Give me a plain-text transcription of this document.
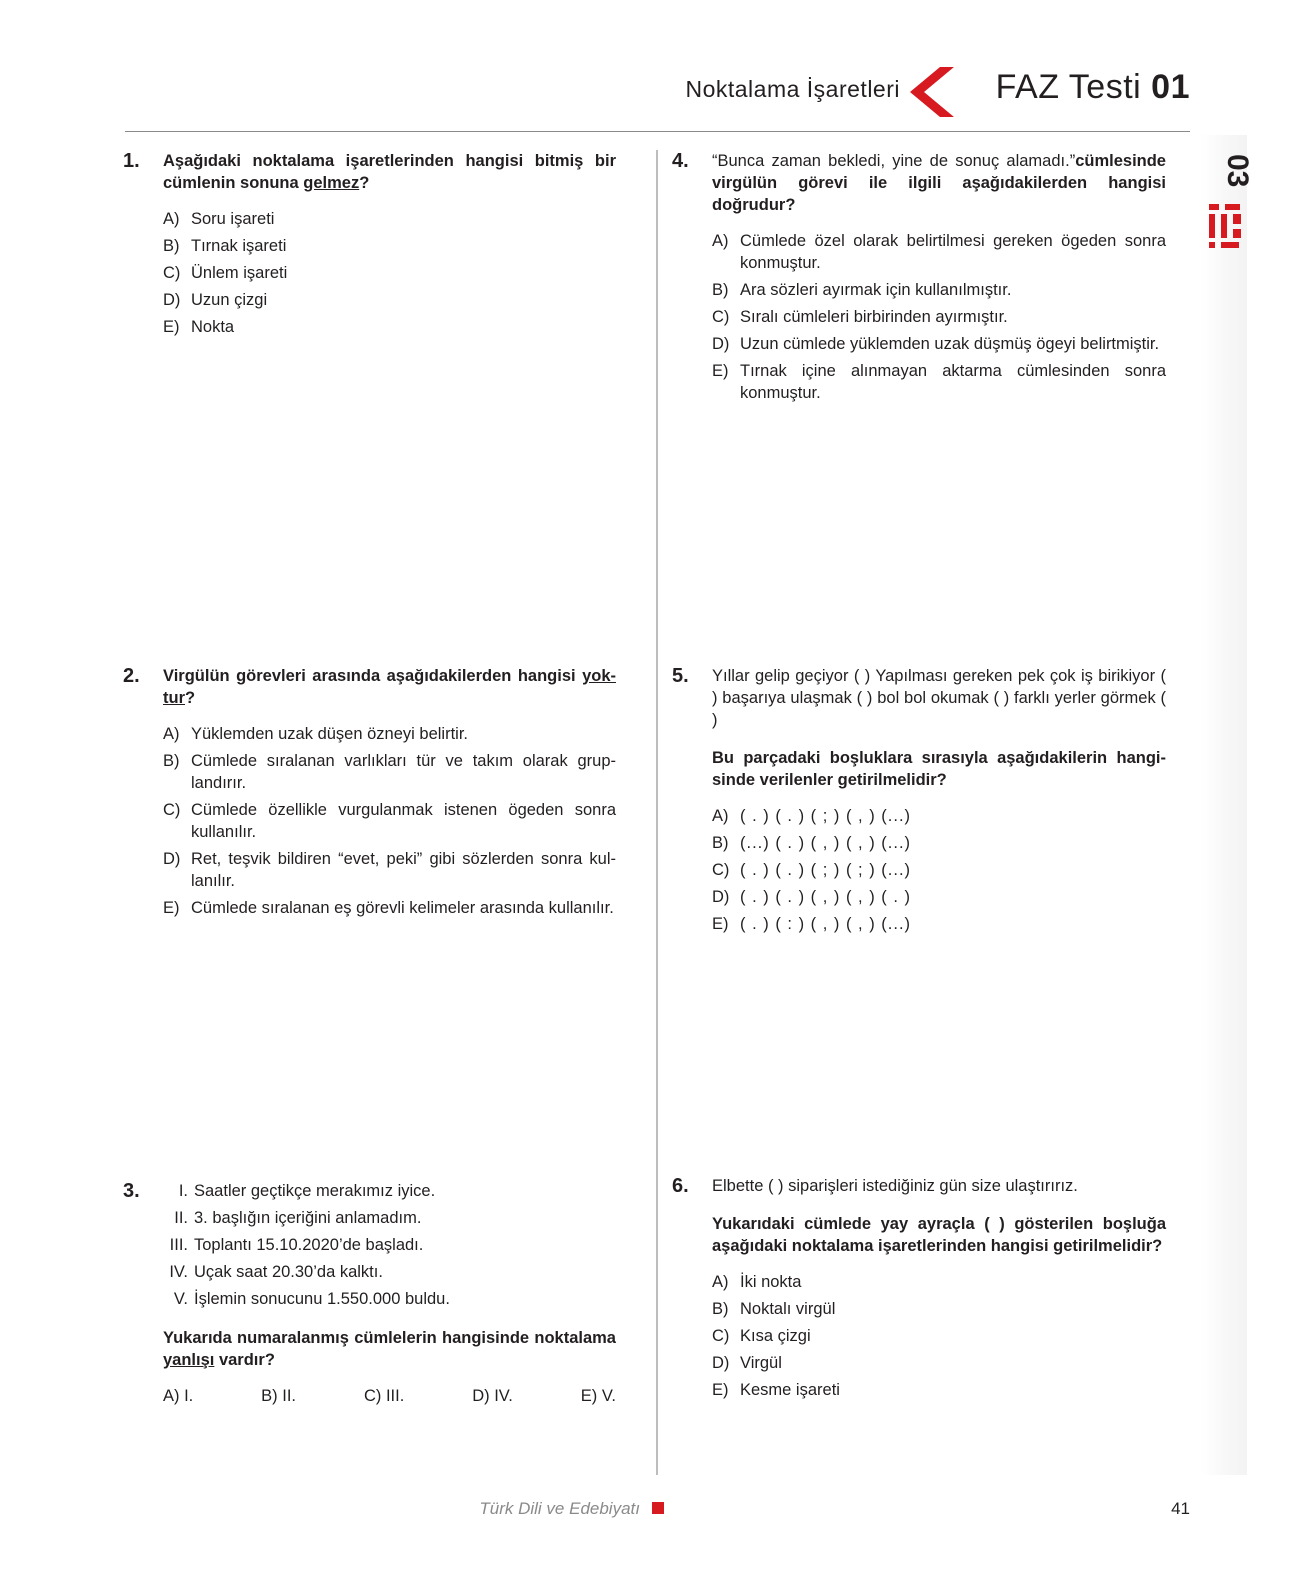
Noktalama İşaretleri	FAZ Testi 01
03
1. Aşağıdaki noktalama işaretlerinden hangisi bitmiş bir cümlenin sonuna gelmez?
A) Soru işareti
B) Tırnak işareti
C) Ünlem işareti
D) Uzun çizgi
E) Nokta
2. Virgülün görevleri arasında aşağıdakilerden hangisi yoktur?
A) Yüklemden uzak düşen özneyi belirtir.
B) Cümlede sıralanan varlıkları tür ve takım olarak gruplandırır.
C) Cümlede özellikle vurgulanmak istenen ögeden sonra kullanılır.
D) Ret, teşvik bildiren “evet, peki” gibi sözlerden sonra kullanılır.
E) Cümlede sıralanan eş görevli kelimeler arasında kullanılır.
3.	I. Saatler geçtikçe merakımız iyice.
II. 3. başlığın içeriğini anlamadım.
III. Toplantı 15.10.2020’de başladı.
IV. Uçak saat 20.30’da kalktı.
V. İşlemin sonucunu 1.550.000 buldu.
Yukarıda numaralanmış cümlelerin hangisinde noktalama yanlışı vardır?
A) I.	B) II.	C) III.	D) IV.	E) V.
4. “Bunca zaman bekledi, yine de sonuç alamadı.”cümlesinde virgülün görevi ile ilgili aşağıdakilerden hangisi doğrudur?
A) Cümlede özel olarak belirtilmesi gereken ögeden sonra konmuştur.
B) Ara sözleri ayırmak için kullanılmıştır.
C) Sıralı cümleleri birbirinden ayırmıştır.
D) Uzun cümlede yüklemden uzak düşmüş ögeyi belirtmiştir.
E) Tırnak içine alınmayan aktarma cümlesinden sonra konmuştur.
5. Yıllar gelip geçiyor ( ) Yapılması gereken pek çok iş birikiyor ( ) başarıya ulaşmak ( ) bol bol okumak ( ) farklı yerler görmek ( )
Bu parçadaki boşluklara sırasıyla aşağıdakilerin hangisinde verilenler getirilmelidir?
A) ( . ) ( . ) ( ; ) ( , ) (...)
B) (...) ( . ) ( , ) ( , ) (...)
C) ( . ) ( . ) ( ; ) ( ; ) (...)
D) ( . ) ( . ) ( , ) ( , ) ( . )
E) ( . ) ( : ) ( , ) ( , ) (...)
6. Elbette ( ) siparişleri istediğiniz gün size ulaştırırız.
Yukarıdaki cümlede yay ayraçla ( ) gösterilen boşluğa aşağıdaki noktalama işaretlerinden hangisi getirilmelidir?
A) İki nokta
B) Noktalı virgül
C) Kısa çizgi
D) Virgül
E) Kesme işareti
Türk Dili ve Edebiyatı	41
